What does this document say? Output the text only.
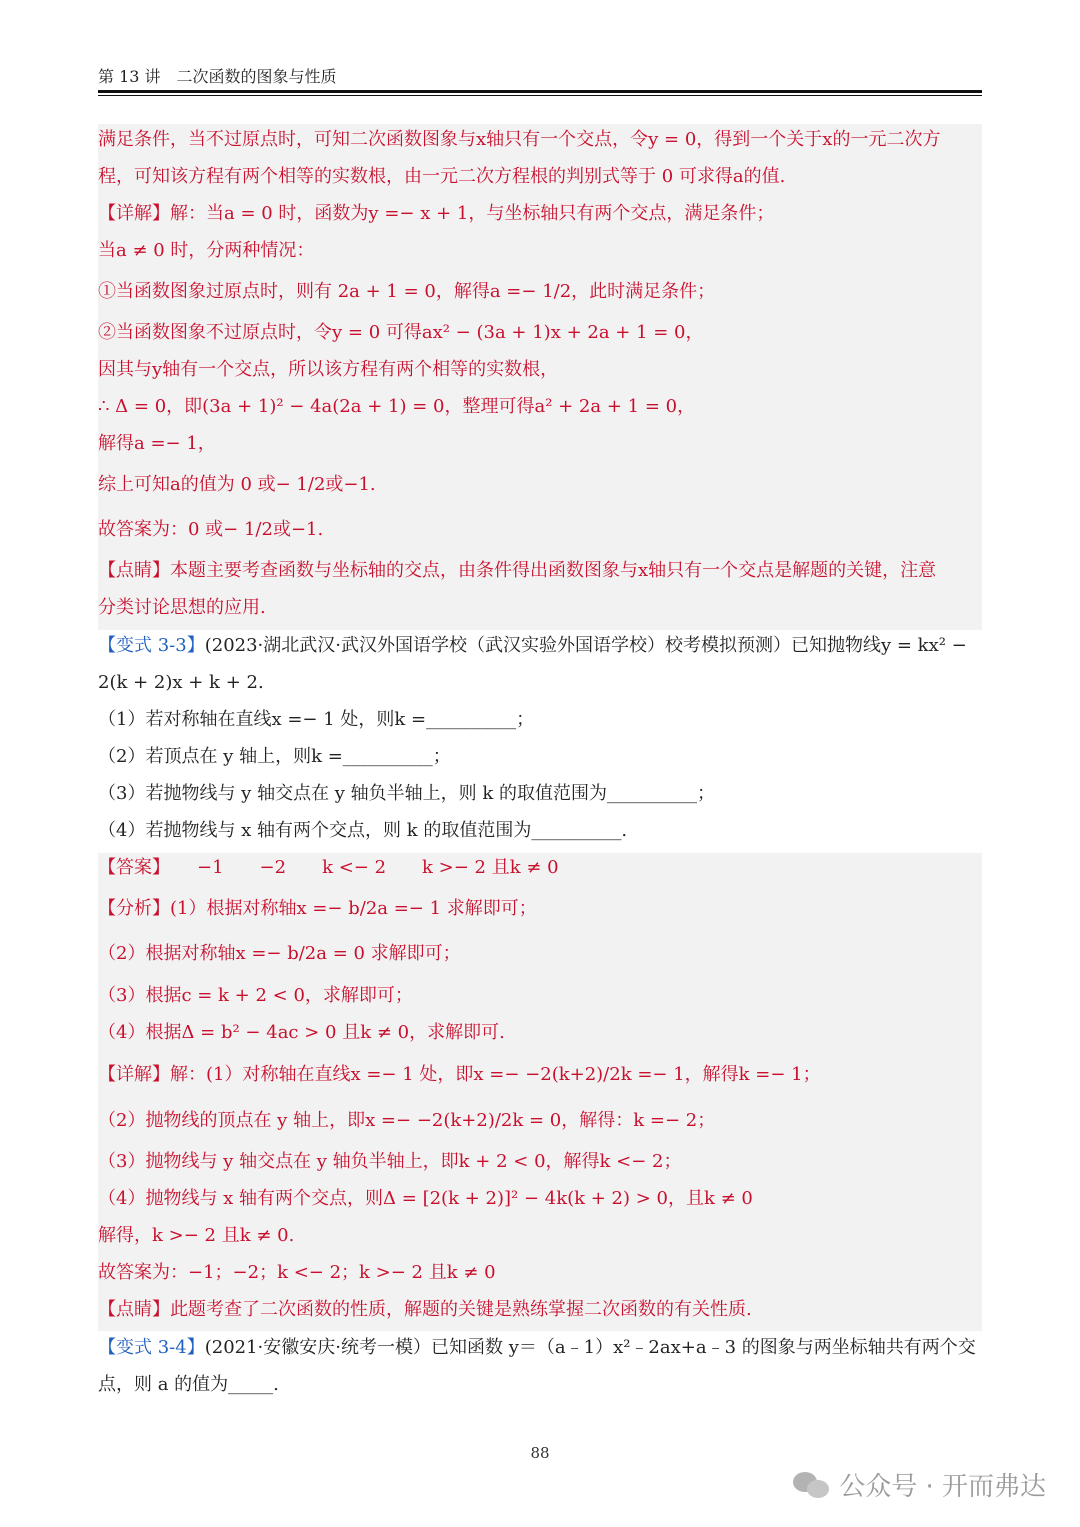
第 13 讲　二次函数的图象与性质
满足条件，当不过原点时，可知二次函数图象与x轴只有一个交点，令y = 0，得到一个关于x的一元二次方
程，可知该方程有两个相等的实数根，由一元二次方程根的判别式等于 0 可求得a的值.
【详解】解：当a = 0 时，函数为y =− x + 1，与坐标轴只有两个交点，满足条件；
当a ≠ 0 时，分两种情况：
①当函数图象过原点时，则有 2a + 1 = 0，解得a =− 1/2，此时满足条件；
②当函数图象不过原点时，令y = 0 可得ax² − (3a + 1)x + 2a + 1 = 0，
因其与y轴有一个交点，所以该方程有两个相等的实数根，
∴ Δ = 0，即(3a + 1)² − 4a(2a + 1) = 0，整理可得a² + 2a + 1 = 0，
解得a =− 1，
综上可知a的值为 0 或− 1/2或−1.
故答案为：0 或− 1/2或−1.
【点睛】本题主要考查函数与坐标轴的交点，由条件得出函数图象与x轴只有一个交点是解题的关键，注意
分类讨论思想的应用.
【变式 3-3】(2023·湖北武汉·武汉外国语学校（武汉实验外国语学校）校考模拟预测）已知抛物线y = kx² −
2(k + 2)x + k + 2.
（1）若对称轴在直线x =− 1 处，则k =__________；
（2）若顶点在 y 轴上，则k =__________；
（3）若抛物线与 y 轴交点在 y 轴负半轴上，则 k 的取值范围为__________；
（4）若抛物线与 x 轴有两个交点，则 k 的取值范围为__________.
【答案】　　−1　　−2　　k <− 2　　k >− 2 且k ≠ 0
【分析】(1）根据对称轴x =− b/2a =− 1 求解即可；
（2）根据对称轴x =− b/2a = 0 求解即可；
（3）根据c = k + 2 < 0，求解即可；
（4）根据Δ = b² − 4ac > 0 且k ≠ 0，求解即可.
【详解】解：(1）对称轴在直线x =− 1 处，即x =− −2(k+2)/2k =− 1，解得k =− 1；
（2）抛物线的顶点在 y 轴上，即x =− −2(k+2)/2k = 0，解得：k =− 2；
（3）抛物线与 y 轴交点在 y 轴负半轴上，即k + 2 < 0，解得k <− 2；
（4）抛物线与 x 轴有两个交点，则Δ = [2(k + 2)]² − 4k(k + 2) > 0，且k ≠ 0
解得，k >− 2 且k ≠ 0.
故答案为：−1；−2；k <− 2；k >− 2 且k ≠ 0
【点睛】此题考查了二次函数的性质，解题的关键是熟练掌握二次函数的有关性质.
【变式 3-4】(2021·安徽安庆·统考一模）已知函数 y＝（a﹣1）x²﹣2ax+a﹣3 的图象与两坐标轴共有两个交
点，则 a 的值为_____.
88
公众号 · 开而弗达
